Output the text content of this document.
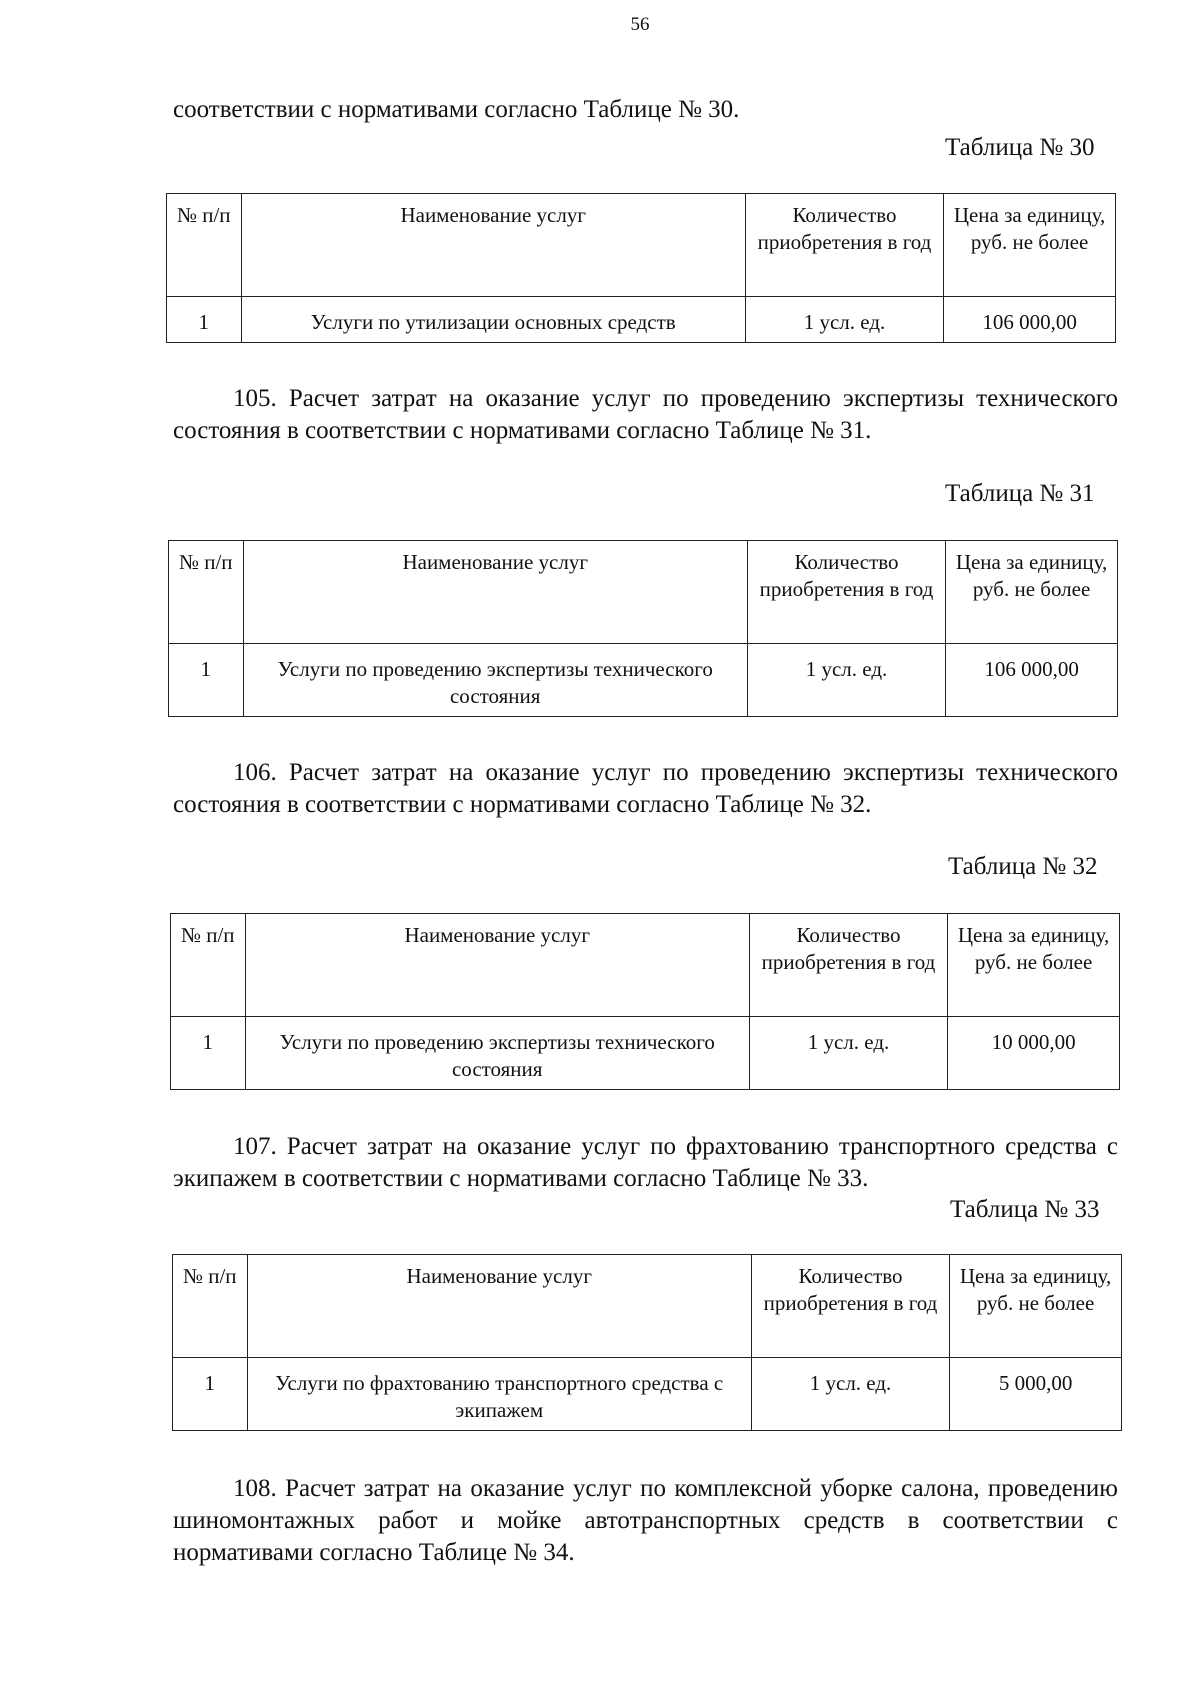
56

соответствии с нормативами согласно Таблице № 30.

Таблица № 30
№ п/п	Наименование услуг	Количество приобретения в год	Цена за единицу, руб. не более
1	Услуги по утилизации основных средств	1 усл. ед.	106 000,00

105. Расчет затрат на оказание услуг по проведению экспертизы технического состояния в соответствии с нормативами согласно Таблице № 31.

Таблица № 31
№ п/п	Наименование услуг	Количество приобретения в год	Цена за единицу, руб. не более
1	Услуги по проведению экспертизы технического состояния	1 усл. ед.	106 000,00

106. Расчет затрат на оказание услуг по проведению экспертизы технического состояния в соответствии с нормативами согласно Таблице № 32.

Таблица № 32
№ п/п	Наименование услуг	Количество приобретения в год	Цена за единицу, руб. не более
1	Услуги по проведению экспертизы технического состояния	1 усл. ед.	10 000,00

107. Расчет затрат на оказание услуг по фрахтованию транспортного средства с экипажем в соответствии с нормативами согласно Таблице № 33.

Таблица № 33
№ п/п	Наименование услуг	Количество приобретения в год	Цена за единицу, руб. не более
1	Услуги по фрахтованию транспортного средства с экипажем	1 усл. ед.	5 000,00

108. Расчет затрат на оказание услуг по комплексной уборке салона, проведению шиномонтажных работ и мойке автотранспортных средств в соответствии с нормативами согласно Таблице № 34.
